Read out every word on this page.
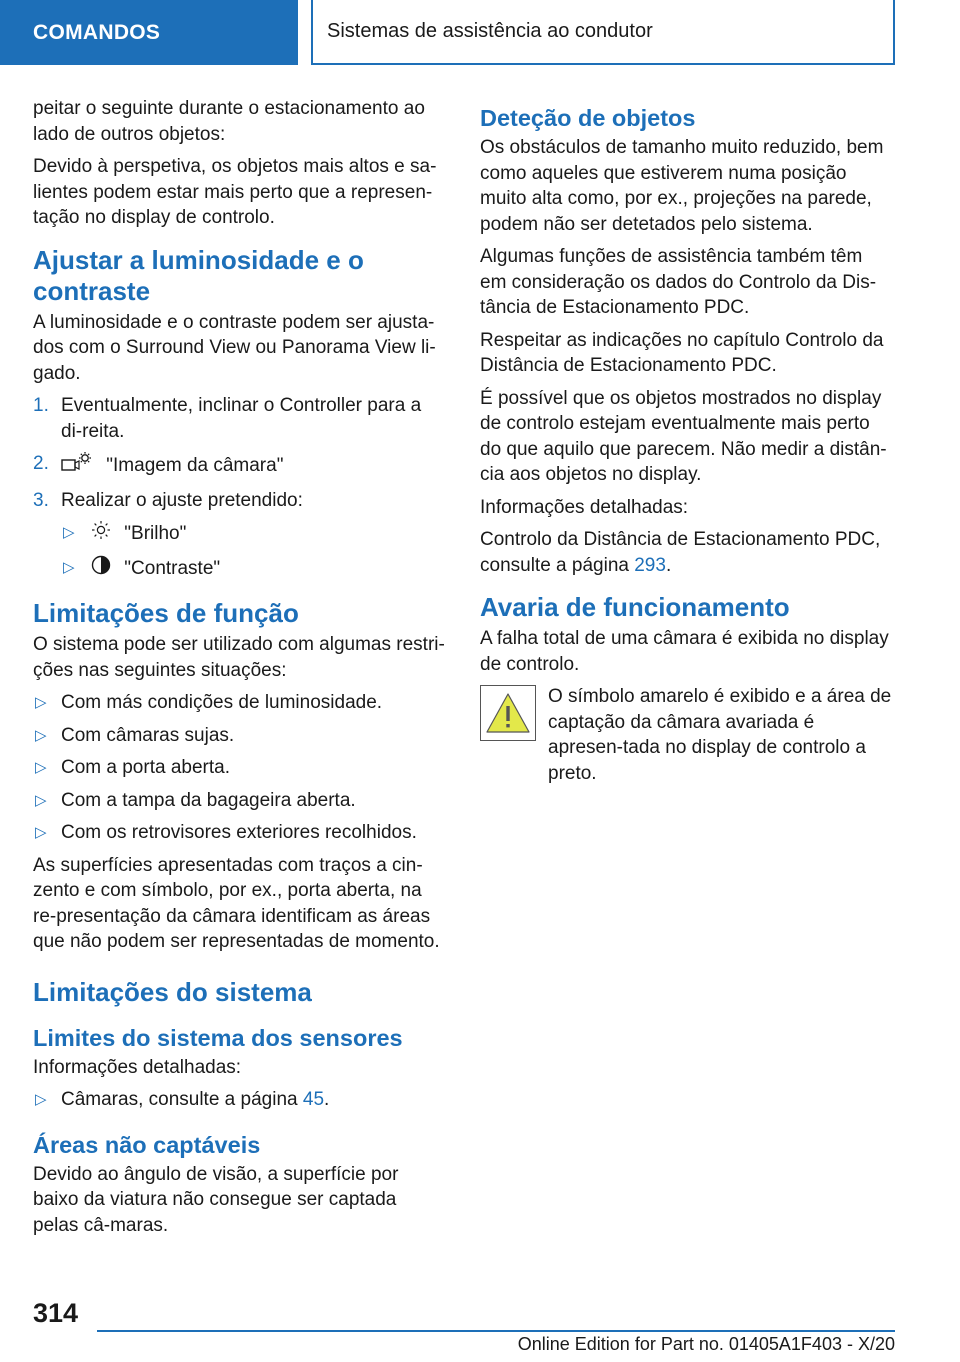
COMANDOS	Sistemas de assistência ao condutor

peitar o seguinte durante o estacionamento ao lado de outros objetos:

Devido à perspetiva, os objetos mais altos e sa-lientes podem estar mais perto que a represen-tação no display de controlo.

Ajustar a luminosidade e o contraste

A luminosidade e o contraste podem ser ajusta-dos com o Surround View ou Panorama View li-gado.

1. Eventualmente, inclinar o Controller para a di-reita.
2.	"Imagem da câmara"
3. Realizar o ajuste pretendido:
▷	"Brilho"
▷	"Contraste"
Limitações de função

O sistema pode ser utilizado com algumas restri-ções nas seguintes situações:

▷ Com más condições de luminosidade.
▷ Com câmaras sujas.
▷ Com a porta aberta.
▷ Com a tampa da bagageira aberta.
▷ Com os retrovisores exteriores recolhidos.

As superfícies apresentadas com traços a cin-zento e com símbolo, por ex., porta aberta, na re-presentação da câmara identificam as áreas que não podem ser representadas de momento.

Limitações do sistema
Limites do sistema dos sensores

Informações detalhadas:

▷ Câmaras, consulte a página 45.
Áreas não captáveis

Devido ao ângulo de visão, a superfície por baixo da viatura não consegue ser captada pelas câ-maras.

Deteção de objetos

Os obstáculos de tamanho muito reduzido, bem como aqueles que estiverem numa posição muito alta como, por ex., projeções na parede, podem não ser detetados pelo sistema.

Algumas funções de assistência também têm em consideração os dados do Controlo da Dis-tância de Estacionamento PDC.

Respeitar as indicações no capítulo Controlo da Distância de Estacionamento PDC.

É possível que os objetos mostrados no display de controlo estejam eventualmente mais perto do que aquilo que parecem. Não medir a distân-cia aos objetos no display.

Informações detalhadas:

Controlo da Distância de Estacionamento PDC, consulte a página 293.

Avaria de funcionamento

A falha total de uma câmara é exibida no display de controlo.

O símbolo amarelo é exibido e a área de captação da câmara avariada é apresen-tada no display de controlo a preto.
314
Online Edition for Part no. 01405A1F403 - X/20
